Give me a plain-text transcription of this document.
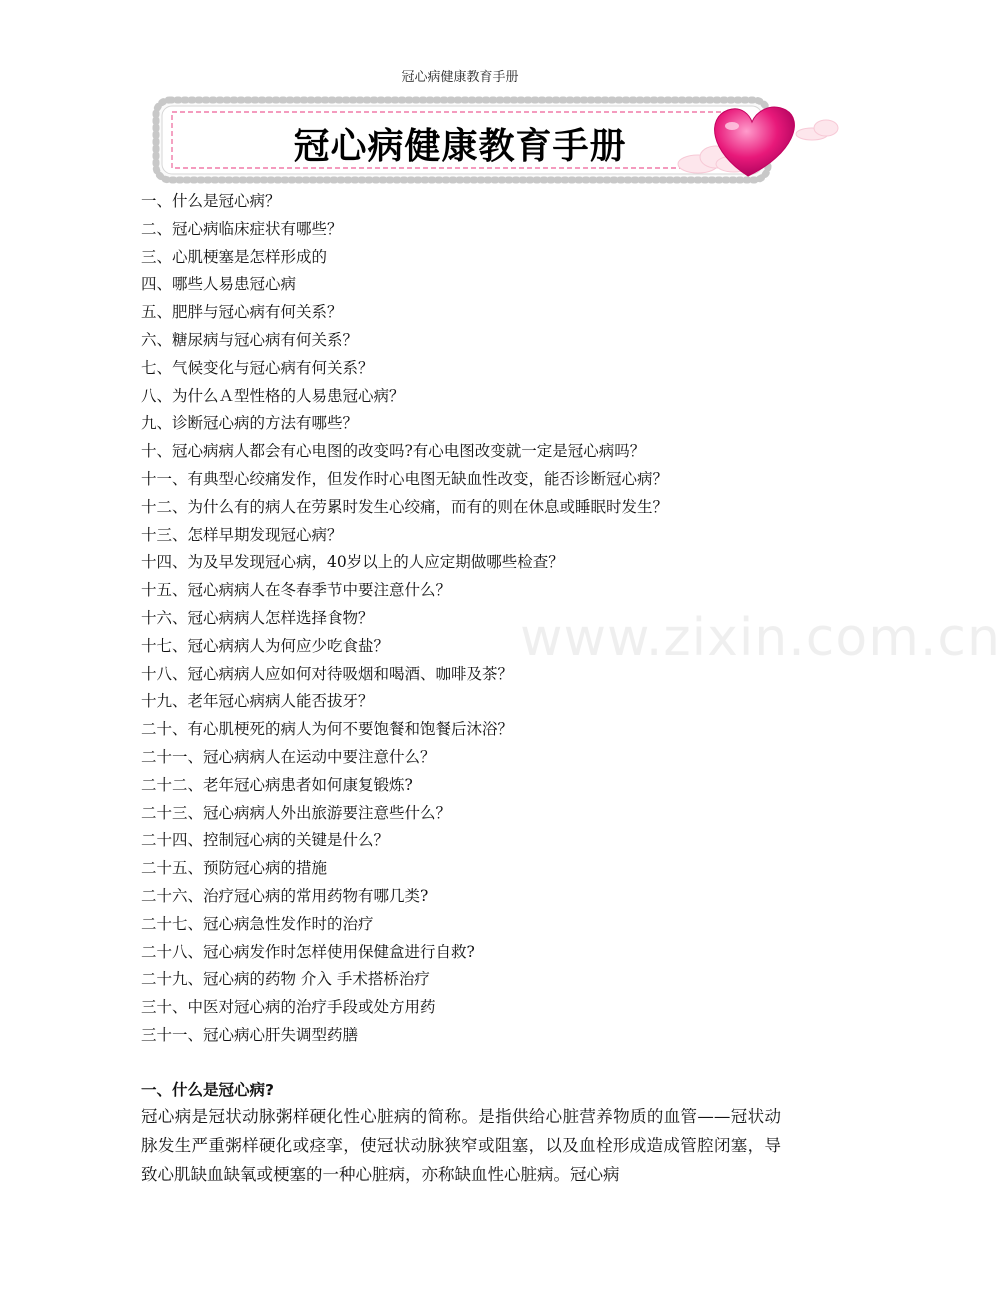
冠心病健康教育手册
冠心病健康教育手册
一、什么是冠心病？
二、冠心病临床症状有哪些？
三、心肌梗塞是怎样形成的
四、哪些人易患冠心病
五、肥胖与冠心病有何关系？
六、糖尿病与冠心病有何关系？
七、气候变化与冠心病有何关系？
八、为什么Ａ型性格的人易患冠心病？
九、诊断冠心病的方法有哪些？
十、冠心病病人都会有心电图的改变吗?有心电图改变就一定是冠心病吗？
十一、有典型心绞痛发作，但发作时心电图无缺血性改变，能否诊断冠心病？
十二、为什么有的病人在劳累时发生心绞痛，而有的则在休息或睡眠时发生？
十三、怎样早期发现冠心病？
十四、为及早发现冠心病，40岁以上的人应定期做哪些检查？
十五、冠心病病人在冬春季节中要注意什么？
十六、冠心病病人怎样选择食物？
十七、冠心病病人为何应少吃食盐？
十八、冠心病病人应如何对待吸烟和喝酒、咖啡及茶？
十九、老年冠心病病人能否拔牙？
二十、有心肌梗死的病人为何不要饱餐和饱餐后沐浴？
二十一、冠心病病人在运动中要注意什么？
二十二、老年冠心病患者如何康复锻炼?
二十三、冠心病病人外出旅游要注意些什么？
二十四、控制冠心病的关键是什么？
二十五、预防冠心病的措施
二十六、治疗冠心病的常用药物有哪几类?
二十七、冠心病急性发作时的治疗
二十八、冠心病发作时怎样使用保健盒进行自救?
二十九、冠心病的药物 介入 手术搭桥治疗
三十、中医对冠心病的治疗手段或处方用药
三十一、冠心病心肝失调型药膳
www.zixin.com.cn
一、什么是冠心病?
冠心病是冠状动脉粥样硬化性心脏病的简称。是指供给心脏营养物质的血管——冠状动脉发生严重粥样硬化或痉挛，使冠状动脉狭窄或阻塞，以及血栓形成造成管腔闭塞，导致心肌缺血缺氧或梗塞的一种心脏病，亦称缺血性心脏病。冠心病
